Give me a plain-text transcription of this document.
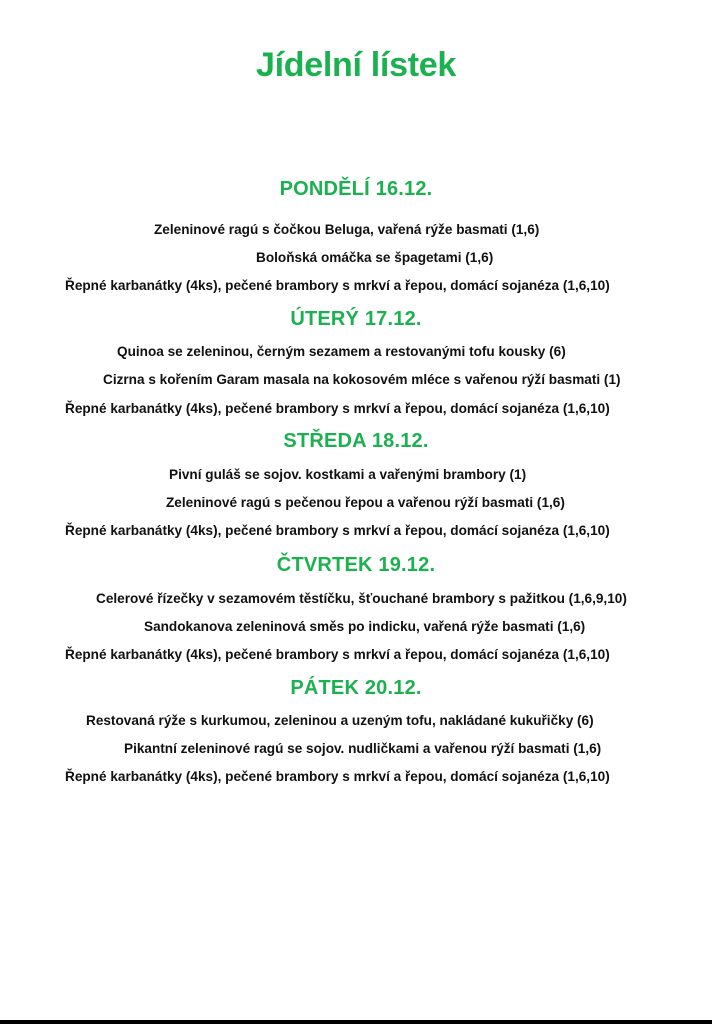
Jídelní lístek
PONDĚLÍ 16.12.
Zeleninové ragú s čočkou Beluga, vařená rýže basmati (1,6)
Boloňská omáčka se špagetami (1,6)
Řepné karbanátky (4ks), pečené brambory s mrkví a řepou, domácí sojanéza (1,6,10)
ÚTERÝ 17.12.
Quinoa se zeleninou, černým sezamem a restovanými tofu kousky (6)
Cizrna s kořením Garam masala na kokosovém mléce s vařenou rýží basmati (1)
Řepné karbanátky (4ks), pečené brambory s mrkví a řepou, domácí sojanéza (1,6,10)
STŘEDA 18.12.
Pivní guláš se sojov. kostkami a vařenými brambory (1)
Zeleninové ragú s pečenou řepou a vařenou rýží basmati (1,6)
Řepné karbanátky (4ks), pečené brambory s mrkví a řepou, domácí sojanéza (1,6,10)
ČTVRTEK 19.12.
Celerové řízečky v sezamovém těstíčku, šťouchané brambory s pažitkou (1,6,9,10)
Sandokanova zeleninová směs po indicku, vařená rýže basmati (1,6)
Řepné karbanátky (4ks), pečené brambory s mrkví a řepou, domácí sojanéza (1,6,10)
PÁTEK 20.12.
Restovaná rýže s kurkumou, zeleninou a uzeným tofu, nakládané kukuřičky (6)
Pikantní zeleninové ragú se sojov. nudličkami a vařenou rýží basmati (1,6)
Řepné karbanátky (4ks), pečené brambory s mrkví a řepou, domácí sojanéza (1,6,10)
